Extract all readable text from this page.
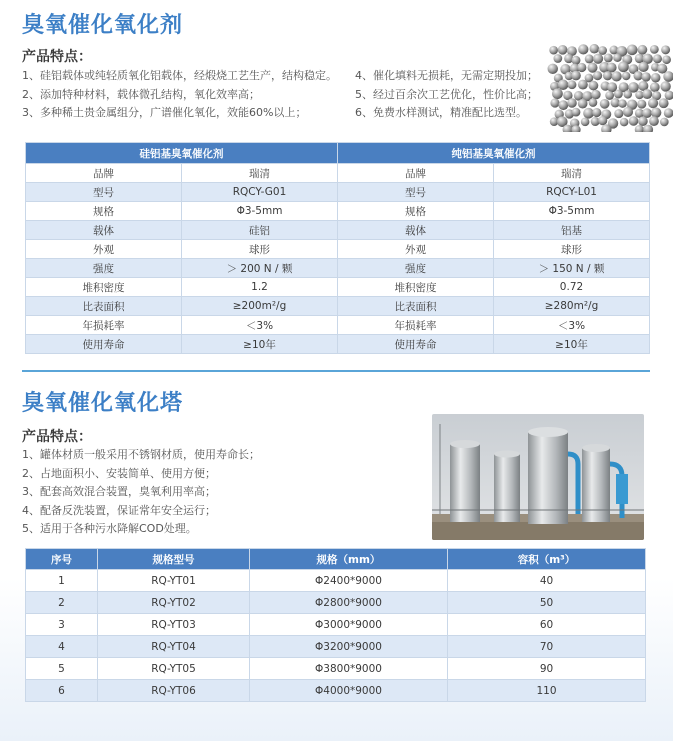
臭氧催化氧化剂
产品特点：
1、硅铝载体或纯轻质氧化铝载体，经煅烧工艺生产，结构稳定。
2、添加特种材料，载体微孔结构，氧化效率高；
3、多种稀土贵金属组分，广谱催化氧化，效能60%以上；
4、催化填料无损耗，无需定期投加；
5、经过百余次工艺优化，性价比高；
6、免费水样测试，精准配比选型。
硅铝基臭氧催化剂		纯铝基臭氧催化剂	
品牌	瑞清	品牌	瑞清
型号	RQCY-G01	型号	RQCY-L01
规格	Φ3-5mm	规格	Φ3-5mm
载体	硅铝	载体	铝基
外观	球形	外观	球形
强度	＞ 200 N / 颗	强度	＞ 150 N / 颗
堆积密度	1.2	堆积密度	0.72
比表面积	≥200m²/g	比表面积	≥280m²/g
年损耗率	＜3%	年损耗率	＜3%
使用寿命	≥10年	使用寿命	≥10年
臭氧催化氧化塔
产品特点：
1、罐体材质一般采用不锈钢材质，使用寿命长；
2、占地面积小、安装简单、使用方便；
3、配套高效混合装置，臭氧利用率高；
4、配备反洗装置，保证常年安全运行；
5、适用于各种污水降解COD处理。
序号	规格型号	规格（mm）	容积（m³）
1	RQ-YT01	Φ2400*9000	40
2	RQ-YT02	Φ2800*9000	50
3	RQ-YT03	Φ3000*9000	60
4	RQ-YT04	Φ3200*9000	70
5	RQ-YT05	Φ3800*9000	90
6	RQ-YT06	Φ4000*9000	110
